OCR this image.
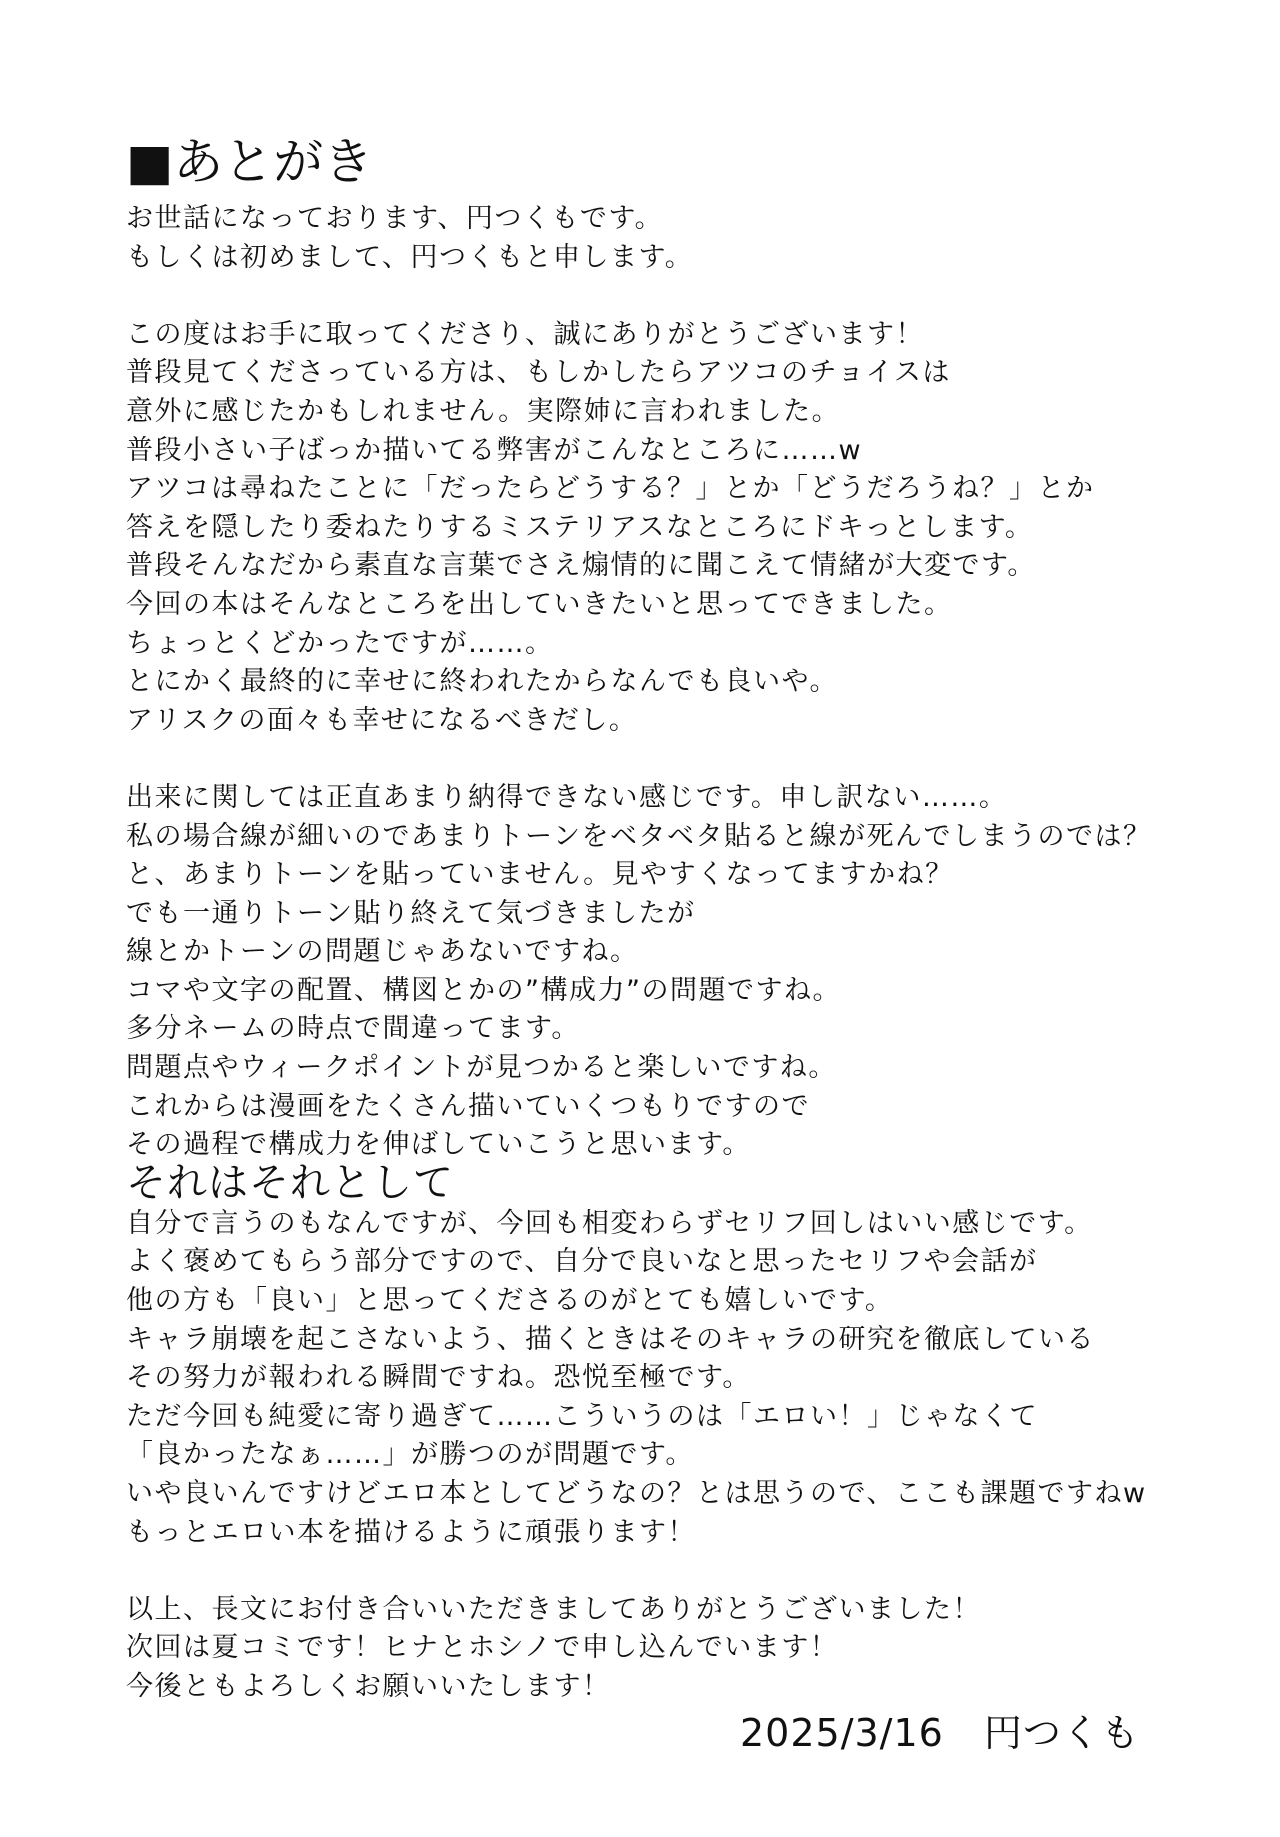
■あとがき
お世話になっております、円つくもです。
もしくは初めまして、円つくもと申します。
この度はお手に取ってくださり、誠にありがとうございます！
普段見てくださっている方は、もしかしたらアツコのチョイスは
意外に感じたかもしれません。実際姉に言われました。
普段小さい子ばっか描いてる弊害がこんなところに……w
アツコは尋ねたことに「だったらどうする？」とか「どうだろうね？」とか
答えを隠したり委ねたりするミステリアスなところにドキっとします。
普段そんなだから素直な言葉でさえ煽情的に聞こえて情緒が大変です。
今回の本はそんなところを出していきたいと思ってできました。
ちょっとくどかったですが……。
とにかく最終的に幸せに終われたからなんでも良いや。
アリスクの面々も幸せになるべきだし。
出来に関しては正直あまり納得できない感じです。申し訳ない……。
私の場合線が細いのであまりトーンをベタベタ貼ると線が死んでしまうのでは？
と、あまりトーンを貼っていません。見やすくなってますかね？
でも一通りトーン貼り終えて気づきましたが
線とかトーンの問題じゃあないですね。
コマや文字の配置、構図とかの”構成力”の問題ですね。
多分ネームの時点で間違ってます。
問題点やウィークポイントが見つかると楽しいですね。
これからは漫画をたくさん描いていくつもりですので
その過程で構成力を伸ばしていこうと思います。
それはそれとして
自分で言うのもなんですが、今回も相変わらずセリフ回しはいい感じです。
よく褒めてもらう部分ですので、自分で良いなと思ったセリフや会話が
他の方も「良い」と思ってくださるのがとても嬉しいです。
キャラ崩壊を起こさないよう、描くときはそのキャラの研究を徹底している
その努力が報われる瞬間ですね。恐悦至極です。
ただ今回も純愛に寄り過ぎて……こういうのは「エロい！」じゃなくて
「良かったなぁ……」が勝つのが問題です。
いや良いんですけどエロ本としてどうなの？とは思うので、ここも課題ですねw
もっとエロい本を描けるように頑張ります！
以上、長文にお付き合いいただきましてありがとうございました！
次回は夏コミです！ヒナとホシノで申し込んでいます！
今後ともよろしくお願いいたします！
2025/3/16 円つくも
